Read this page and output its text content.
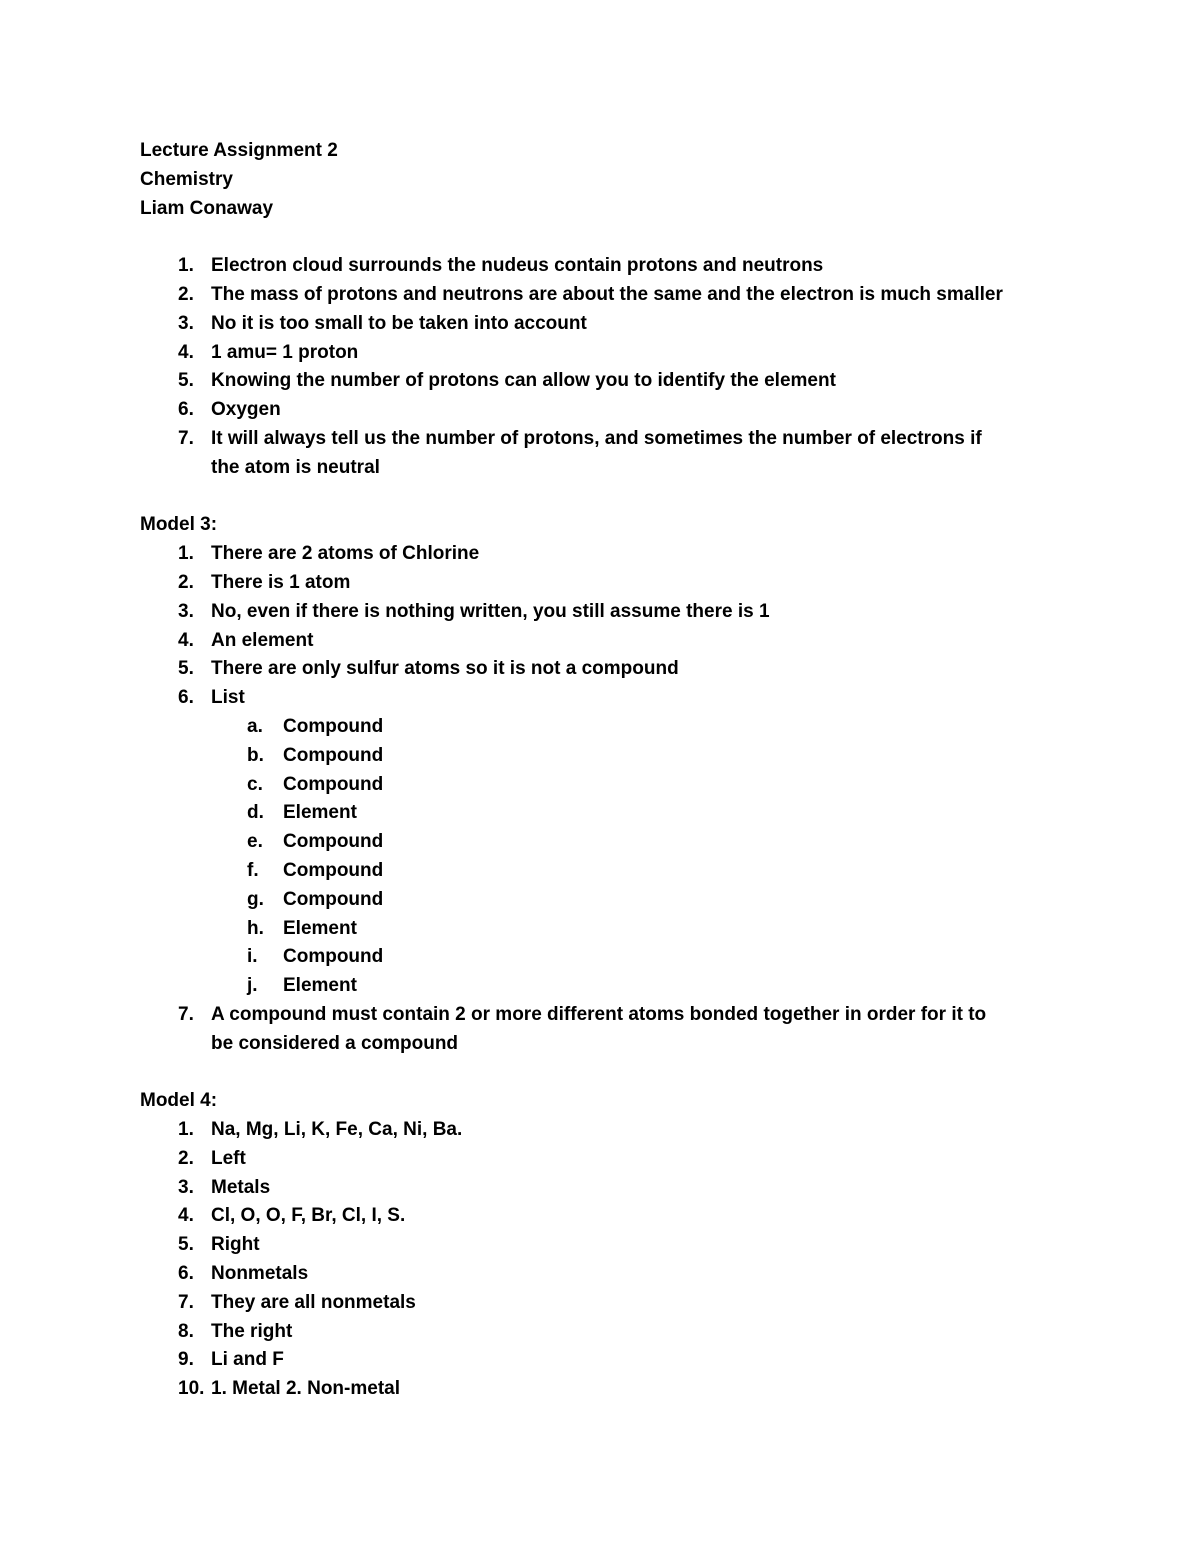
Lecture Assignment 2
Chemistry
Liam Conaway
1. Electron cloud surrounds the nudeus contain protons and neutrons
2. The mass of protons and neutrons are about the same and the electron is much smaller
3. No it is too small to be taken into account
4. 1 amu= 1 proton
5. Knowing the number of protons can allow you to identify the element
6. Oxygen
7. It will always tell us the number of protons, and sometimes the number of electrons if
the atom is neutral
Model 3:
1. There are 2 atoms of Chlorine
2. There is 1 atom
3. No, even if there is nothing written, you still assume there is 1
4. An element
5. There are only sulfur atoms so it is not a compound
6. List
a.	Compound
b.	Compound
c.	Compound
d.	Element
e.	Compound
f.	Compound
g.	Compound
h.	Element
i.	Compound
j.	Element
7. A compound must contain 2 or more different atoms bonded together in order for it to
be considered a compound
Model 4:
1. Na, Mg, Li, K, Fe, Ca, Ni, Ba.
2. Left
3. Metals
4. Cl, O, O, F, Br, Cl, I, S.
5. Right
6. Nonmetals
7. They are all nonmetals
8. The right
9. Li and F
10. 1. Metal 2. Non-metal
